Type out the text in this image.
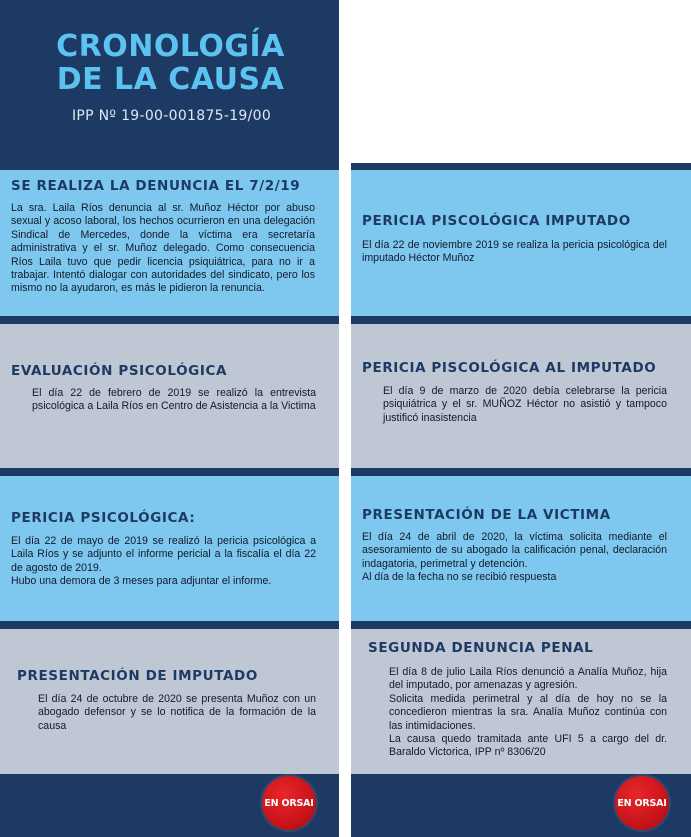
CRONOLOGÍA
DE LA CAUSA
IPP Nº 19-00-001875-19/00
SE REALIZA LA DENUNCIA EL 7/2/19
La sra. Laila Ríos denuncia al sr. Muñoz Héctor por abuso sexual y acoso laboral, los hechos ocurrieron en una delegación Sindical de Mercedes, donde la víctima era secretaría administrativa y el sr. Muñoz delegado. Como consecuencia Ríos Laila tuvo que pedir licencia psiquiátrica, para no ir a trabajar. Intentó dialogar con autoridades del sindicato, pero los mismo no la ayudaron, es más le pidieron la renuncia.
EVALUACIÓN PSICOLÓGICA
El día 22 de febrero de 2019 se realizó la entrevista psicológica a Laila Ríos en Centro de Asistencia a la Victima
PERICIA PSICOLÓGICA:
El día 22 de mayo de 2019 se realizó la pericia psicológica a Laila Ríos y se adjunto el informe pericial a la fiscalía el día 22 de agosto de 2019.
Hubo una demora de 3 meses para adjuntar el informe.
PRESENTACIÓN DE IMPUTADO
El día 24 de octubre de 2020 se presenta Muñoz con un abogado defensor y se lo notifica de la formación de la causa
EN ORSAI
PERICIA PISCOLÓGICA IMPUTADO
El día 22 de noviembre 2019 se realiza la pericia psicológica del imputado Héctor Muñoz
PERICIA PISCOLÓGICA AL IMPUTADO
El día 9 de marzo de 2020 debía celebrarse la pericia psiquiátrica y el sr. MUÑOZ Héctor no asistió y tampoco justificó inasistencia
PRESENTACIÓN DE LA VICTIMA
El día 24 de abril de 2020, la víctima solicita mediante el asesoramiento de su abogado la calificación penal, declaración indagatoria, perimetral y detención.
Al día de la fecha no se recibió respuesta
SEGUNDA DENUNCIA PENAL
El día 8 de julio Laila Ríos denunció a Analía Muñoz, hija del imputado, por amenazas y agresión.
Solicita medida perimetral y al día de hoy no se la concedieron mientras la sra. Analía Muñoz continúa con las intimidaciones.
La causa quedo tramitada ante UFI 5 a cargo del dr. Baraldo Victorica, IPP nº 8306/20
EN ORSAI
